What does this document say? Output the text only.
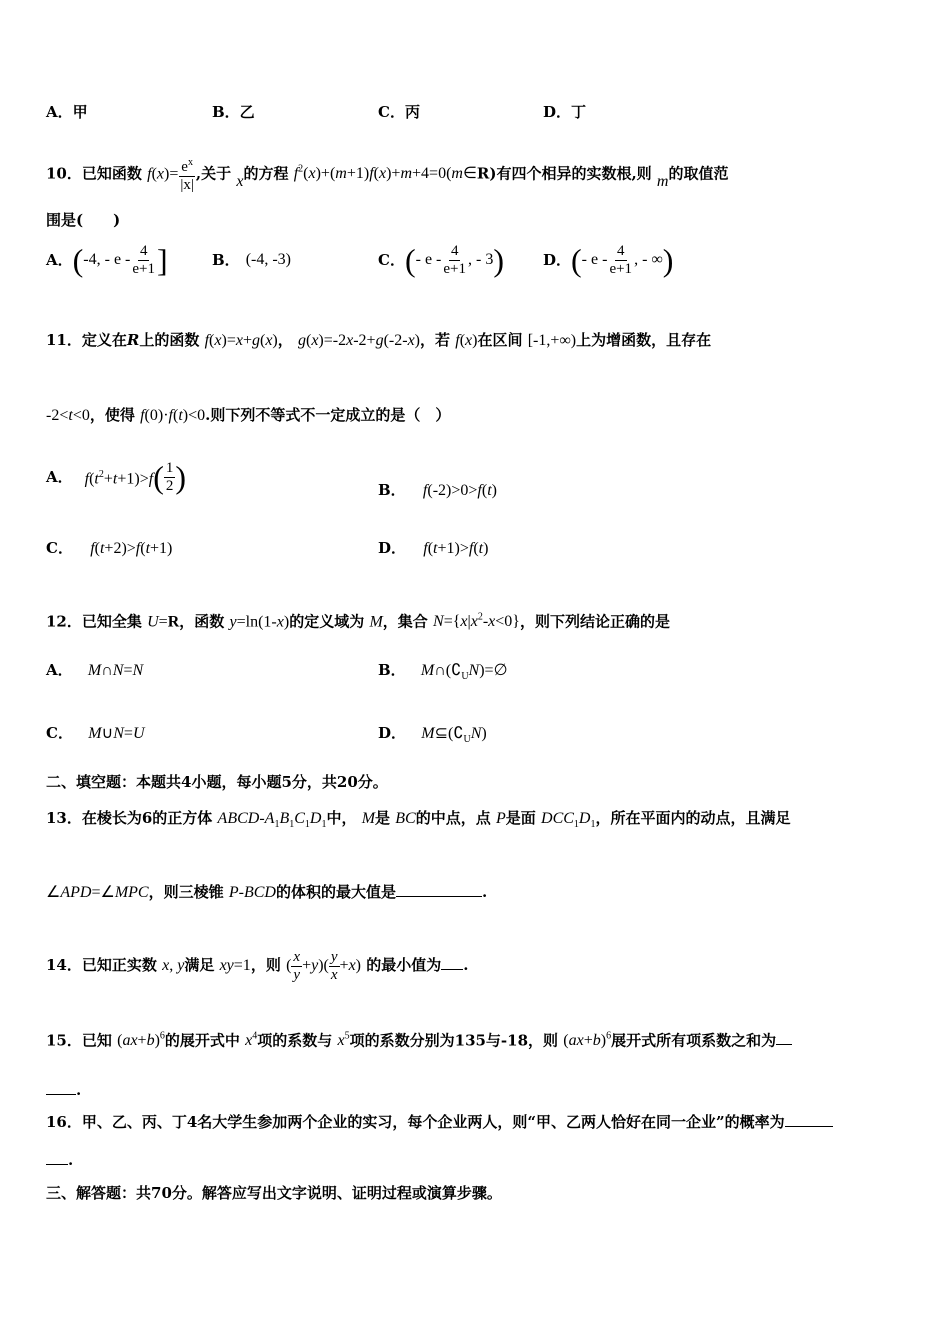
A．甲	B．乙	C．丙	D．丁
10．已知函数 $f(x)= \frac{e^x}{|x|}$ ,关于 x的方程 $f^2(x)+(m+1)f(x)+m+4=0(m\in R)$有四个相异的实数根,则 m的取值范
围是(　　)
A． ( -4, - e - $\frac{4}{e+1}$ ]	B． (-4, -3)	C． ( - e - $\frac{4}{e+1}$ , - 3 )	D． ( - e - $\frac{4}{e+1}$ , - ∞ )
11．定义在R上的函数 f(x)=x+g(x)， g(x)=-2x-2+g(-2-x)，若 f(x)在区间 [-1,+∞)上为增函数，且存在
-2<t<0，使得 f(0)·f(t)<0.则下列不等式不一定成立的是（　）
A． $f(t^2+t+1)>f$ ( $\frac{1}{2}$ )	B． f(-2)>0>f(t)
C． f(t+2)>f(t+1)	D． f(t+1)>f(t)
12．已知全集 U=R，函数 y=ln(1-x)的定义域为 M，集合 $N=\{x|x^2-x<0\}$，则下列结论正确的是
A． M∩N=N	B． $M\cap(∁_UN)=\emptyset$
C． M∪N=U	D． $M⊆(∁_UN)$
二、填空题：本题共4小题，每小题5分，共20分。
13．在棱长为6的正方体 ABCD-$A_1B_1C_1D_1$中， M是 BC的中点，点 P是面 $DCC_1D_1$，所在平面内的动点，且满足
∠APD=∠MPC，则三棱锥 P-BCD的体积的最大值是	.
14．已知正实数 x, y满足 xy=1，则 ( $\frac{x}{y} +y)( \frac{y}{x} +x)$ 的最小值为 .
15．已知 $(ax+b)^6$的展开式中 $x^4$项的系数与 $x^5$项的系数分别为135与-18，则 $(ax+b)^6$展开式所有项系数之和为
.
16．甲、乙、丙、丁4名大学生参加两个企业的实习，每个企业两人，则“甲、乙两人恰好在同一企业”的概率为
.
三、解答题：共70分。解答应写出文字说明、证明过程或演算步骤。
